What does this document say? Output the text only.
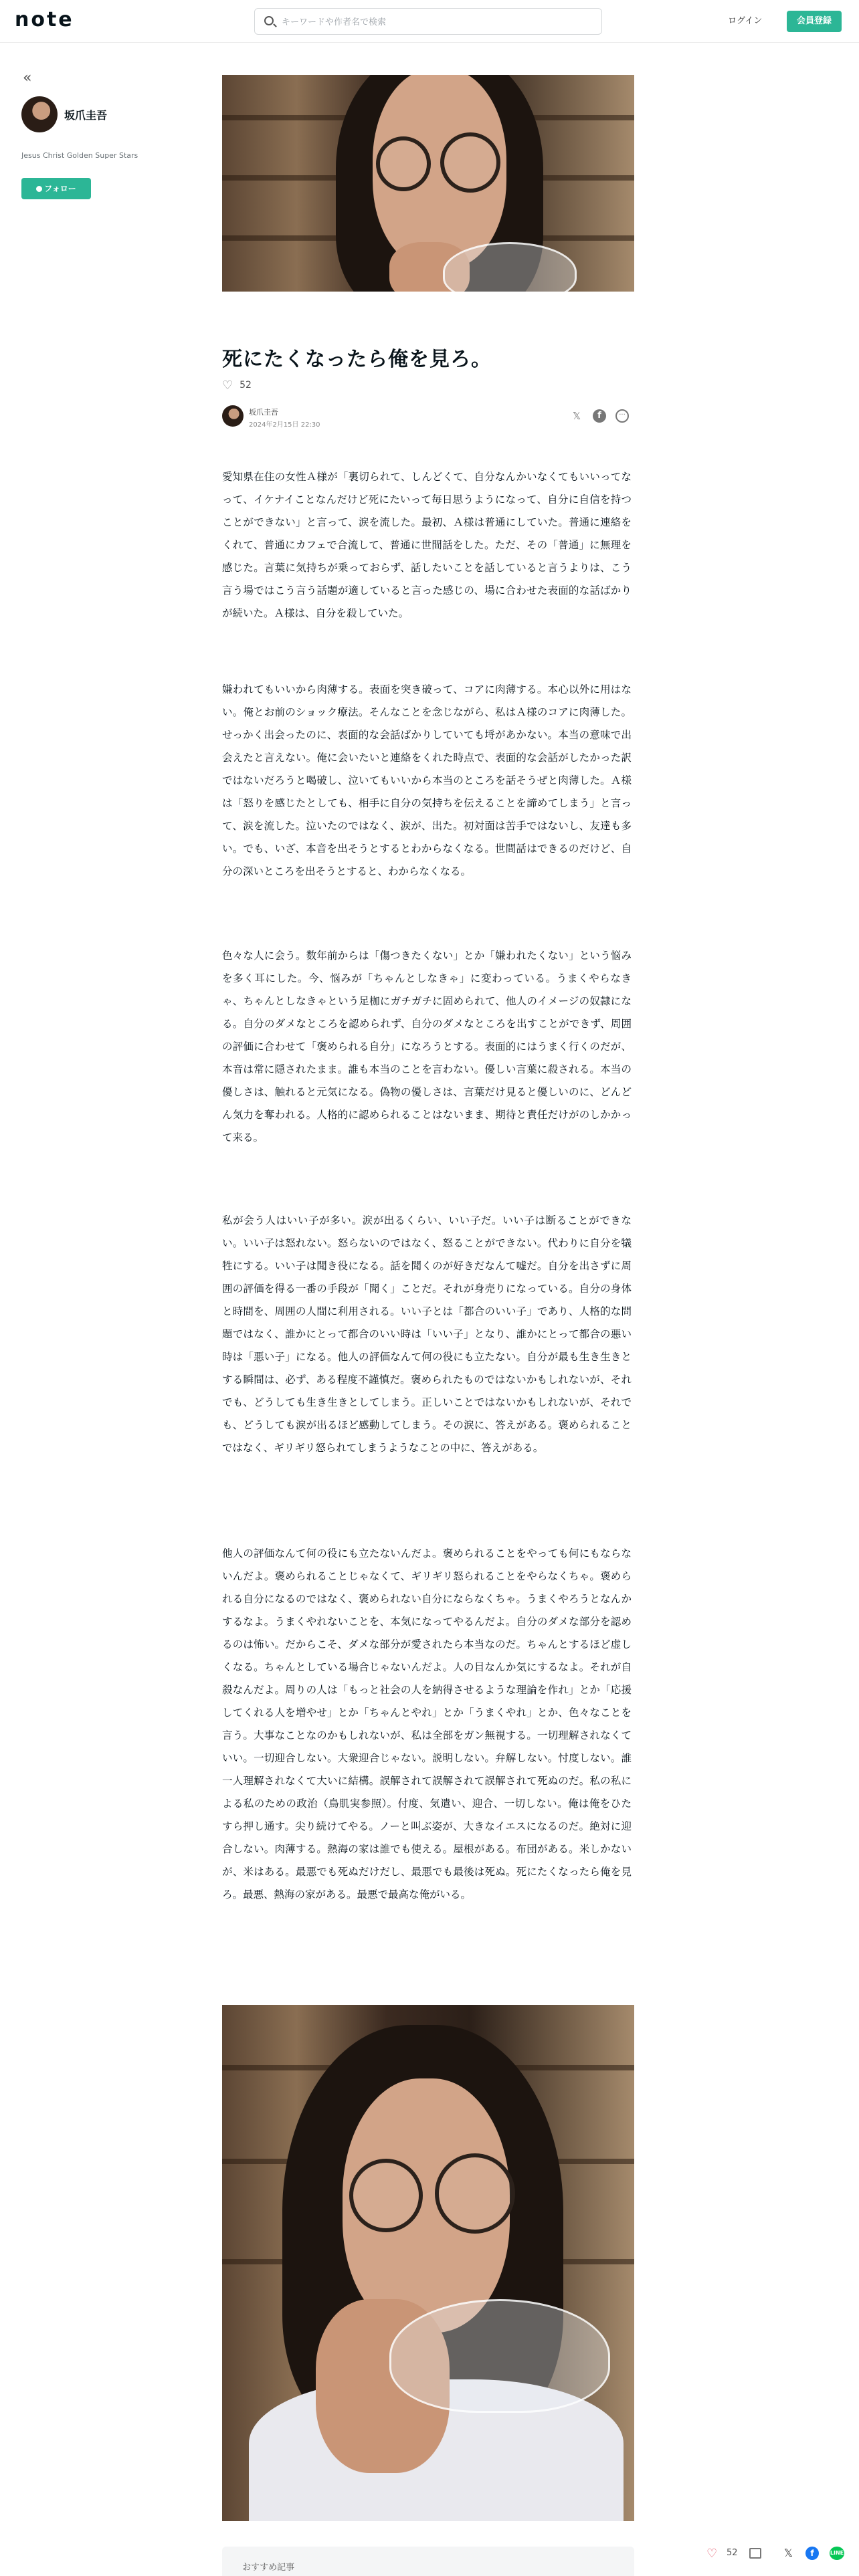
note
キーワードや作者名で検索	ログイン	会員登録
«
坂爪圭吾
Jesus Christ Golden Super Stars
フォロー
死にたくなったら俺を見ろ。
♡ 52
坂爪圭吾
2024年2月15日 22:30
𝕏	f	···

愛知県在住の女性Ａ様が「裏切られて、しんどくて、自分なんかいなくてもいいってなって、イケナイことなんだけど死にたいって毎日思うようになって、自分に自信を持つことができない」と言って、涙を流した。最初、Ａ様は普通にしていた。普通に連絡をくれて、普通にカフェで合流して、普通に世間話をした。ただ、その「普通」に無理を感じた。言葉に気持ちが乗っておらず、話したいことを話していると言うよりは、こう言う場ではこう言う話題が適していると言った感じの、場に合わせた表面的な話ばかりが続いた。Ａ様は、自分を殺していた。

嫌われてもいいから肉薄する。表面を突き破って、コアに肉薄する。本心以外に用はない。俺とお前のショック療法。そんなことを念じながら、私はＡ様のコアに肉薄した。せっかく出会ったのに、表面的な会話ばかりしていても埒があかない。本当の意味で出会えたと言えない。俺に会いたいと連絡をくれた時点で、表面的な会話がしたかった訳ではないだろうと喝破し、泣いてもいいから本当のところを話そうぜと肉薄した。Ａ様は「怒りを感じたとしても、相手に自分の気持ちを伝えることを諦めてしまう」と言って、涙を流した。泣いたのではなく、涙が、出た。初対面は苦手ではないし、友達も多い。でも、いざ、本音を出そうとするとわからなくなる。世間話はできるのだけど、自分の深いところを出そうとすると、わからなくなる。

色々な人に会う。数年前からは「傷つきたくない」とか「嫌われたくない」という悩みを多く耳にした。今、悩みが「ちゃんとしなきゃ」に変わっている。うまくやらなきゃ、ちゃんとしなきゃという足枷にガチガチに固められて、他人のイメージの奴隷になる。自分のダメなところを認められず、自分のダメなところを出すことができず、周囲の評価に合わせて「褒められる自分」になろうとする。表面的にはうまく行くのだが、本音は常に隠されたまま。誰も本当のことを言わない。優しい言葉に殺される。本当の優しさは、触れると元気になる。偽物の優しさは、言葉だけ見ると優しいのに、どんどん気力を奪われる。人格的に認められることはないまま、期待と責任だけがのしかかって来る。

私が会う人はいい子が多い。涙が出るくらい、いい子だ。いい子は断ることができない。いい子は怒れない。怒らないのではなく、怒ることができない。代わりに自分を犠牲にする。いい子は聞き役になる。話を聞くのが好きだなんて嘘だ。自分を出さずに周囲の評価を得る一番の手段が「聞く」ことだ。それが身売りになっている。自分の身体と時間を、周囲の人間に利用される。いい子とは「都合のいい子」であり、人格的な問題ではなく、誰かにとって都合のいい時は「いい子」となり、誰かにとって都合の悪い時は「悪い子」になる。他人の評価なんて何の役にも立たない。自分が最も生き生きとする瞬間は、必ず、ある程度不謹慎だ。褒められたものではないかもしれないが、それでも、どうしても生き生きとしてしまう。正しいことではないかもしれないが、それでも、どうしても涙が出るほど感動してしまう。その涙に、答えがある。褒められることではなく、ギリギリ怒られてしまうようなことの中に、答えがある。

他人の評価なんて何の役にも立たないんだよ。褒められることをやっても何にもならないんだよ。褒められることじゃなくて、ギリギリ怒られることをやらなくちゃ。褒められる自分になるのではなく、褒められない自分にならなくちゃ。うまくやろうとなんかするなよ。うまくやれないことを、本気になってやるんだよ。自分のダメな部分を認めるのは怖い。だからこそ、ダメな部分が愛されたら本当なのだ。ちゃんとするほど虚しくなる。ちゃんとしている場合じゃないんだよ。人の目なんか気にするなよ。それが自殺なんだよ。周りの人は「もっと社会の人を納得させるような理論を作れ」とか「応援してくれる人を増やせ」とか「ちゃんとやれ」とか「うまくやれ」とか、色々なことを言う。大事なことなのかもしれないが、私は全部をガン無視する。一切理解されなくていい。一切迎合しない。大衆迎合じゃない。説明しない。弁解しない。忖度しない。誰一人理解されなくて大いに結構。誤解されて誤解されて誤解されて死ぬのだ。私の私による私のための政治（鳥肌実参照）。付度、気遣い、迎合、一切しない。俺は俺をひたすら押し通す。尖り続けてやる。ノーと叫ぶ姿が、大きなイエスになるのだ。絶対に迎合しない。肉薄する。熱海の家は誰でも使える。屋根がある。布団がある。米しかないが、米はある。最悪でも死ぬだけだし、最悪でも最後は死ぬ。死にたくなったら俺を見ろ。最悪、熱海の家がある。最悪で最高な俺がいる。

おすすめ記事
♡ 52	𝕏	f	LINE
